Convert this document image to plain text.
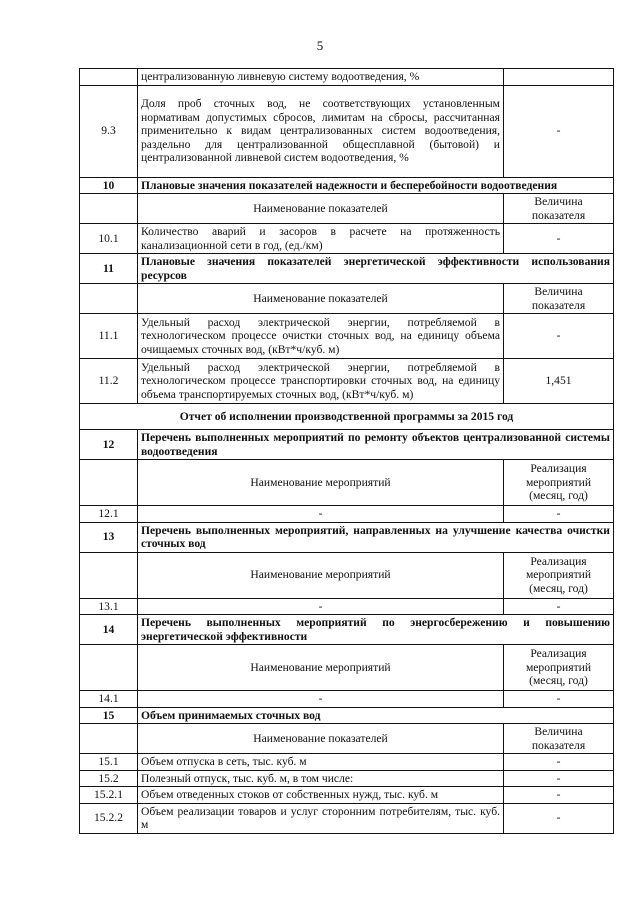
5
	централизованную ливневую систему водоотведения, %	
9.3	Доля проб сточных вод, не соответствующих установленным нормативам допустимых сбросов, лимитам на сбросы, рассчитанная применительно к видам централизованных систем водоотведения, раздельно для централизованной общесплавной (бытовой) и централизованной ливневой систем водоотведения, %	-
10	Плановые значения показателей надежности и бесперебойности водоотведения	
	Наименование показателей	Величина показателя
10.1	Количество аварий и засоров в расчете на протяженность канализационной сети в год, (ед./км)	-
11	Плановые значения показателей энергетической эффективности использования ресурсов	
	Наименование показателей	Величина показателя
11.1	Удельный расход электрической энергии, потребляемой в технологическом процессе очистки сточных вод, на единицу объема очищаемых сточных вод, (кВт*ч/куб. м)	-
11.2	Удельный расход электрической энергии, потребляемой в технологическом процессе транспортировки сточных вод, на единицу объема транспортируемых сточных вод, (кВт*ч/куб. м)	1,451
Отчет об исполнении производственной программы за 2015 год		
12	Перечень выполненных мероприятий по ремонту объектов централизованной системы водоотведения	
	Наименование мероприятий	Реализация мероприятий (месяц, год)
12.1	-	-
13	Перечень выполненных мероприятий, направленных на улучшение качества очистки сточных вод	
	Наименование мероприятий	Реализация мероприятий (месяц, год)
13.1	-	-
14	Перечень выполненных мероприятий по энергосбережению и повышению энергетической эффективности	
	Наименование мероприятий	Реализация мероприятий (месяц, год)
14.1	-	-
15	Объем принимаемых сточных вод	
	Наименование показателей	Величина показателя
15.1	Объем отпуска в сеть, тыс. куб. м	-
15.2	Полезный отпуск, тыс. куб. м, в том числе:	-
15.2.1	Объем отведенных стоков от собственных нужд, тыс. куб. м	-
15.2.2	Объем реализации товаров и услуг сторонним потребителям, тыс. куб. м	-
